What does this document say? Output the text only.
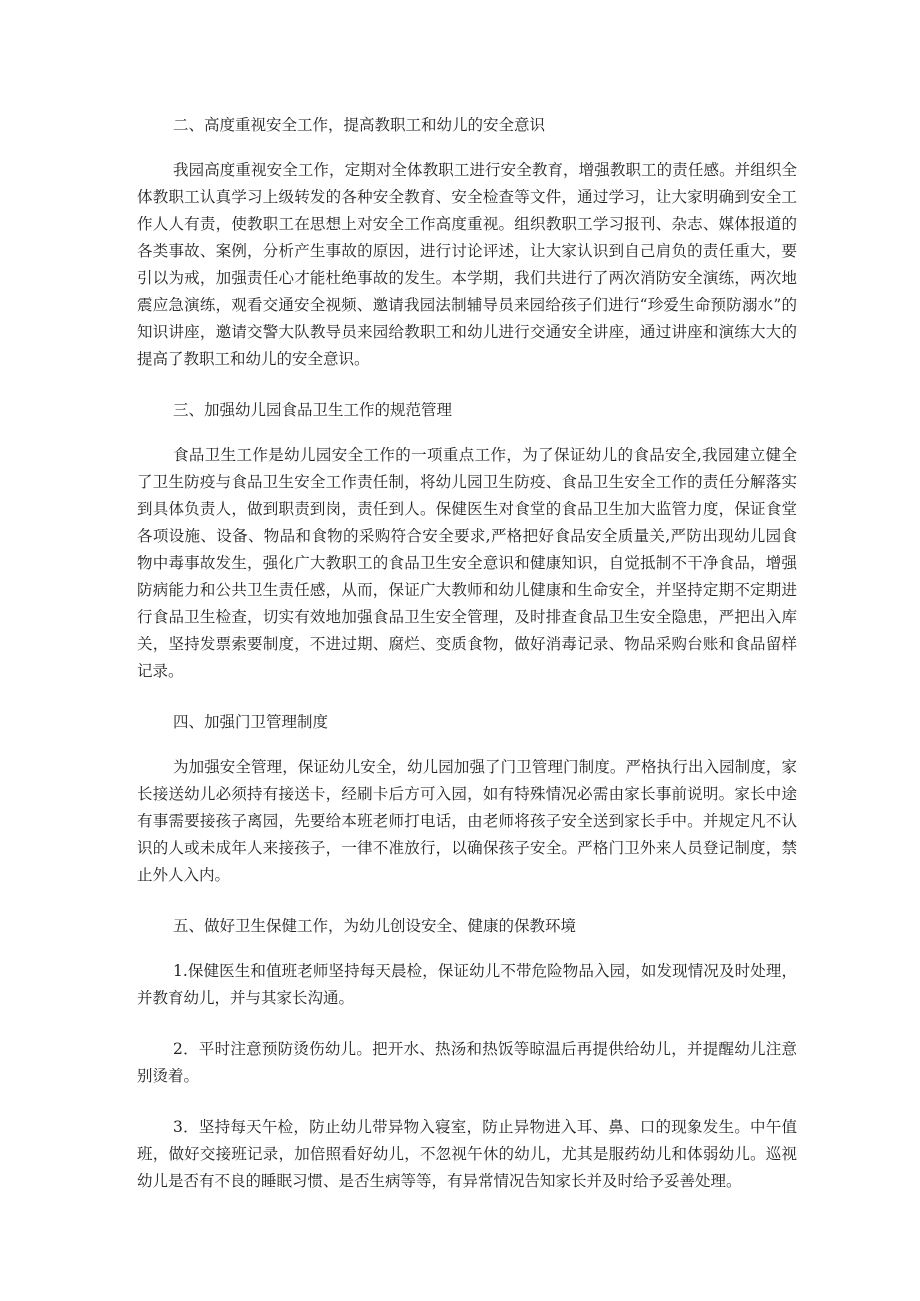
二、高度重视安全工作，提高教职工和幼儿的安全意识

我园高度重视安全工作，定期对全体教职工进行安全教育，增强教职工的责任感。并组织全体教职工认真学习上级转发的各种安全教育、安全检查等文件，通过学习，让大家明确到安全工作人人有责，使教职工在思想上对安全工作高度重视。组织教职工学习报刊、杂志、媒体报道的各类事故、案例，分析产生事故的原因，进行讨论评述，让大家认识到自己肩负的责任重大，要引以为戒，加强责任心才能杜绝事故的发生。本学期，我们共进行了两次消防安全演练，两次地震应急演练，观看交通安全视频、邀请我园法制辅导员来园给孩子们进行“珍爱生命预防溺水”的知识讲座，邀请交警大队教导员来园给教职工和幼儿进行交通安全讲座，通过讲座和演练大大的提高了教职工和幼儿的安全意识。

三、加强幼儿园食品卫生工作的规范管理

食品卫生工作是幼儿园安全工作的一项重点工作，为了保证幼儿的食品安全,我园建立健全了卫生防疫与食品卫生安全工作责任制，将幼儿园卫生防疫、食品卫生安全工作的责任分解落实到具体负责人，做到职责到岗，责任到人。保健医生对食堂的食品卫生加大监管力度，保证食堂各项设施、设备、物品和食物的采购符合安全要求,严格把好食品安全质量关,严防出现幼儿园食物中毒事故发生，强化广大教职工的食品卫生安全意识和健康知识，自觉抵制不干净食品，增强防病能力和公共卫生责任感，从而，保证广大教师和幼儿健康和生命安全，并坚持定期不定期进行食品卫生检查，切实有效地加强食品卫生安全管理，及时排查食品卫生安全隐患，严把出入库关，坚持发票索要制度，不进过期、腐烂、变质食物，做好消毒记录、物品采购台账和食品留样记录。

四、加强门卫管理制度

为加强安全管理，保证幼儿安全，幼儿园加强了门卫管理门制度。严格执行出入园制度，家长接送幼儿必须持有接送卡，经刷卡后方可入园，如有特殊情况必需由家长事前说明。家长中途有事需要接孩子离园，先要给本班老师打电话，由老师将孩子安全送到家长手中。并规定凡不认识的人或未成年人来接孩子，一律不准放行，以确保孩子安全。严格门卫外来人员登记制度，禁止外人入内。

五、做好卫生保健工作，为幼儿创设安全、健康的保教环境

1.保健医生和值班老师坚持每天晨检，保证幼儿不带危险物品入园，如发现情况及时处理，并教育幼儿，并与其家长沟通。

2．平时注意预防烫伤幼儿。把开水、热汤和热饭等晾温后再提供给幼儿，并提醒幼儿注意别烫着。

3．坚持每天午检，防止幼儿带异物入寝室，防止异物进入耳、鼻、口的现象发生。中午值班，做好交接班记录，加倍照看好幼儿，不忽视午休的幼儿，尤其是服药幼儿和体弱幼儿。巡视幼儿是否有不良的睡眠习惯、是否生病等等，有异常情况告知家长并及时给予妥善处理。
